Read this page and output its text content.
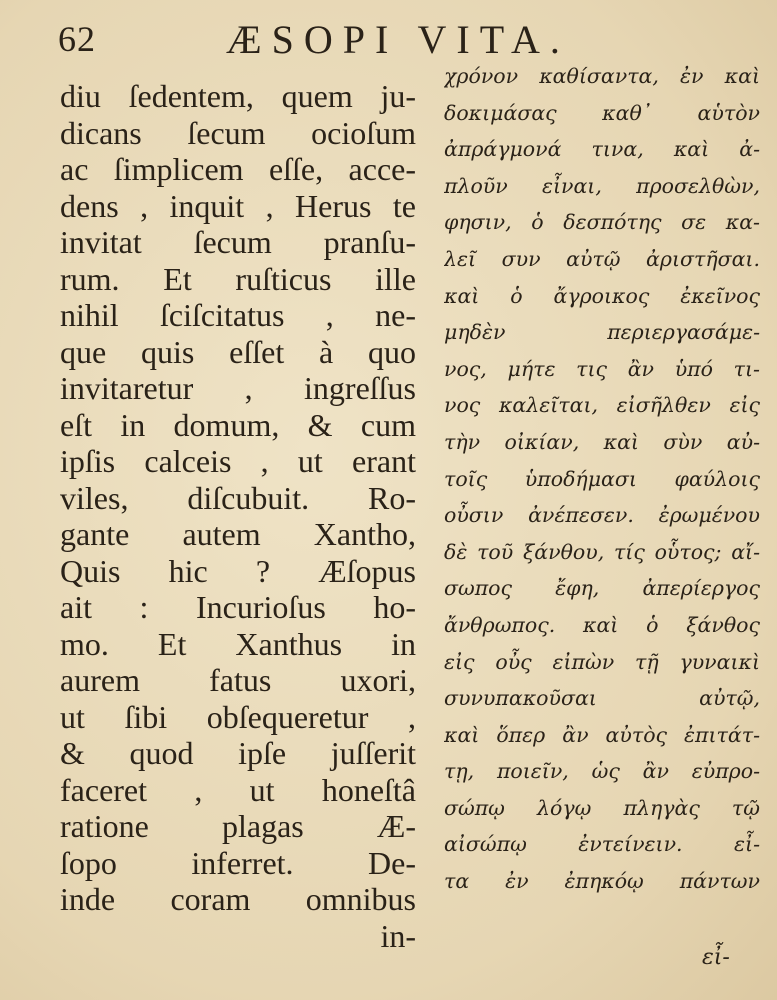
62	ÆSOPI VITA.
diu ſedentem, quem ju-
dicans ſecum ocioſum
ac ſimplicem eſſe, acce-
dens , inquit , Herus te
invitat ſecum pranſu-
rum. Et ruſticus ille
nihil ſciſcitatus , ne-
que quis eſſet à quo
invitaretur , ingreſſus
eſt in domum, & cum
ipſis calceis , ut erant
viles, diſcubuit. Ro-
gante autem Xantho,
Quis hic ? Æſopus
ait : Incurioſus ho-
mo. Et Xanthus in
aurem fatus uxori,
ut ſibi obſequeretur ,
& quod ipſe juſſerit
faceret , ut honeſtâ
ratione plagas Æ-
ſopo inferret. De-
inde coram omnibus
in-
χρόνον καθίσαντα, ἐν καὶ
δοκιμάσας καθ᾽ αὑτὸν
ἀπράγμονά τινα, καὶ ἀ-
πλοῦν εἶναι, προσελθὼν,
φησιν, ὁ δεσπότης σε κα-
λεῖ συν αὐτῷ ἀριστῆσαι.
καὶ ὁ ἄγροικος ἐκεῖνος
μηδὲν περιεργασάμε-
νος, μήτε τις ἂν ὑπό τι-
νος καλεῖται, εἰσῆλθεν εἰς
τὴν οἰκίαν, καὶ σὺν αὐ-
τοῖς ὑποδήμασι φαύλοις
οὖσιν ἀνέπεσεν. ἐρωμένου
δὲ τοῦ ξάνθου, τίς οὗτος; αἴ-
σωπος ἔφη, ἀπερίεργος
ἄνθρωπος. καὶ ὁ ξάνθος
εἰς οὖς εἰπὼν τῇ γυναικὶ
συνυπακοῦσαι αὐτῷ,
καὶ ὅπερ ἂν αὐτὸς ἐπιτάτ-
τῃ, ποιεῖν, ὡς ἂν εὐπρο-
σώπῳ λόγῳ πληγὰς τῷ
αἰσώπῳ ἐντείνειν. εἶ-
τα ἐν ἐπηκόῳ πάντων
εἶ-
